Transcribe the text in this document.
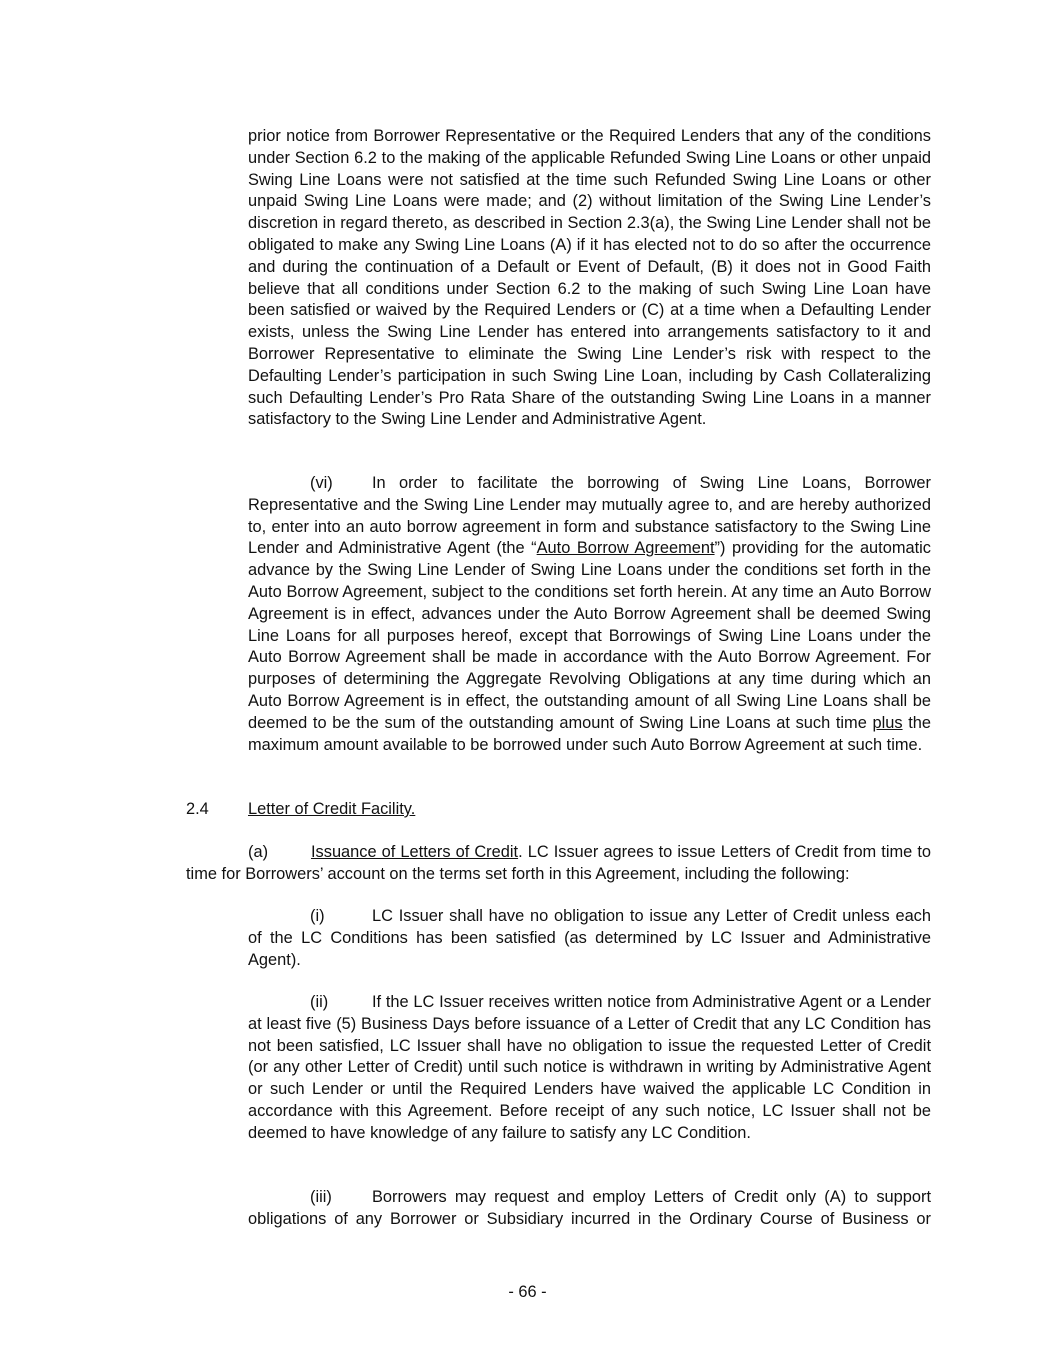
prior notice from Borrower Representative or the Required Lenders that any of the conditions under Section 6.2 to the making of the applicable Refunded Swing Line Loans or other unpaid Swing Line Loans were not satisfied at the time such Refunded Swing Line Loans or other unpaid Swing Line Loans were made; and (2) without limitation of the Swing Line Lender’s discretion in regard thereto, as described in Section 2.3(a), the Swing Line Lender shall not be obligated to make any Swing Line Loans (A) if it has elected not to do so after the occurrence and during the continuation of a Default or Event of Default, (B) it does not in Good Faith believe that all conditions under Section 6.2 to the making of such Swing Line Loan have been satisfied or waived by the Required Lenders or (C) at a time when a Defaulting Lender exists, unless the Swing Line Lender has entered into arrangements satisfactory to it and Borrower Representative to eliminate the Swing Line Lender’s risk with respect to the Defaulting Lender’s participation in such Swing Line Loan, including by Cash Collateralizing such Defaulting Lender’s Pro Rata Share of the outstanding Swing Line Loans in a manner satisfactory to the Swing Line Lender and Administrative Agent.

(vi) In order to facilitate the borrowing of Swing Line Loans, Borrower Representative and the Swing Line Lender may mutually agree to, and are hereby authorized to, enter into an auto borrow agreement in form and substance satisfactory to the Swing Line Lender and Administrative Agent (the “Auto Borrow Agreement”) providing for the automatic advance by the Swing Line Lender of Swing Line Loans under the conditions set forth in the Auto Borrow Agreement, subject to the conditions set forth herein. At any time an Auto Borrow Agreement is in effect, advances under the Auto Borrow Agreement shall be deemed Swing Line Loans for all purposes hereof, except that Borrowings of Swing Line Loans under the Auto Borrow Agreement shall be made in accordance with the Auto Borrow Agreement. For purposes of determining the Aggregate Revolving Obligations at any time during which an Auto Borrow Agreement is in effect, the outstanding amount of all Swing Line Loans shall be deemed to be the sum of the outstanding amount of Swing Line Loans at such time plus the maximum amount available to be borrowed under such Auto Borrow Agreement at such time.

2.4 Letter of Credit Facility.

(a)	Issuance of Letters of Credit. LC Issuer agrees to issue Letters of Credit from time to time for Borrowers’ account on the terms set forth in this Agreement, including the following:

(i)	LC Issuer shall have no obligation to issue any Letter of Credit unless each of the LC Conditions has been satisfied (as determined by LC Issuer and Administrative Agent).

(ii)	If the LC Issuer receives written notice from Administrative Agent or a Lender at least five (5) Business Days before issuance of a Letter of Credit that any LC Condition has not been satisfied, LC Issuer shall have no obligation to issue the requested Letter of Credit (or any other Letter of Credit) until such notice is withdrawn in writing by Administrative Agent or such Lender or until the Required Lenders have waived the applicable LC Condition in accordance with this Agreement. Before receipt of any such notice, LC Issuer shall not be deemed to have knowledge of any failure to satisfy any LC Condition.

(iii) Borrowers may request and employ Letters of Credit only (A) to support obligations of any Borrower or Subsidiary incurred in the Ordinary Course of Business or

- 66 -
